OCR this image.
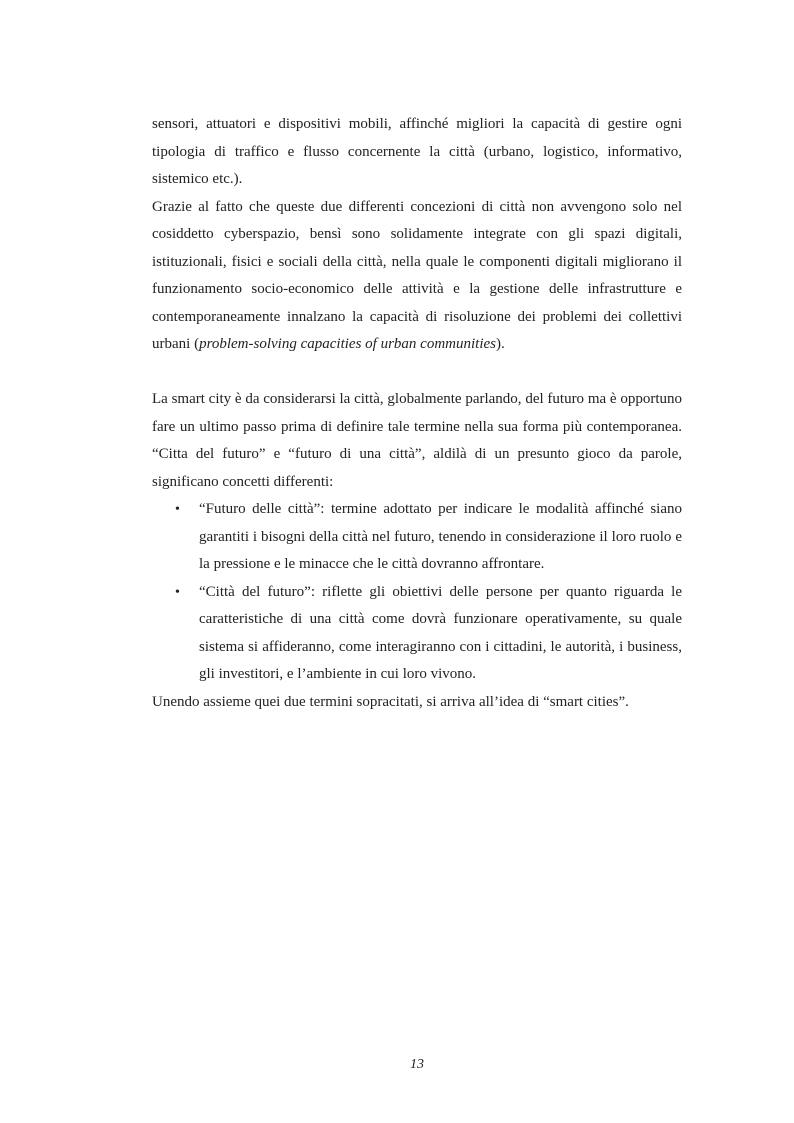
sensori, attuatori e dispositivi mobili, affinché migliori la capacità di gestire ogni tipologia di traffico e flusso concernente la città (urbano, logistico, informativo, sistemico etc.).

Grazie al fatto che queste due differenti concezioni di città non avvengono solo nel cosiddetto cyberspazio, bensì sono solidamente integrate con gli spazi digitali, istituzionali, fisici e sociali della città, nella quale le componenti digitali migliorano il funzionamento socio-economico delle attività e la gestione delle infrastrutture e contemporaneamente innalzano la capacità di risoluzione dei problemi dei collettivi urbani (problem-solving capacities of urban communities).

La smart city è da considerarsi la città, globalmente parlando, del futuro ma è opportuno fare un ultimo passo prima di definire tale termine nella sua forma più contemporanea. “Citta del futuro” e “futuro di una città”, aldilà di un presunto gioco da parole, significano concetti differenti:

• “Futuro delle città”: termine adottato per indicare le modalità affinché siano garantiti i bisogni della città nel futuro, tenendo in considerazione il loro ruolo e la pressione e le minacce che le città dovranno affrontare.
• “Città del futuro”: riflette gli obiettivi delle persone per quanto riguarda le caratteristiche di una città come dovrà funzionare operativamente, su quale sistema si affideranno, come interagiranno con i cittadini, le autorità, i business, gli investitori, e l’ambiente in cui loro vivono.

Unendo assieme quei due termini sopracitati, si arriva all’idea di “smart cities”.

13
